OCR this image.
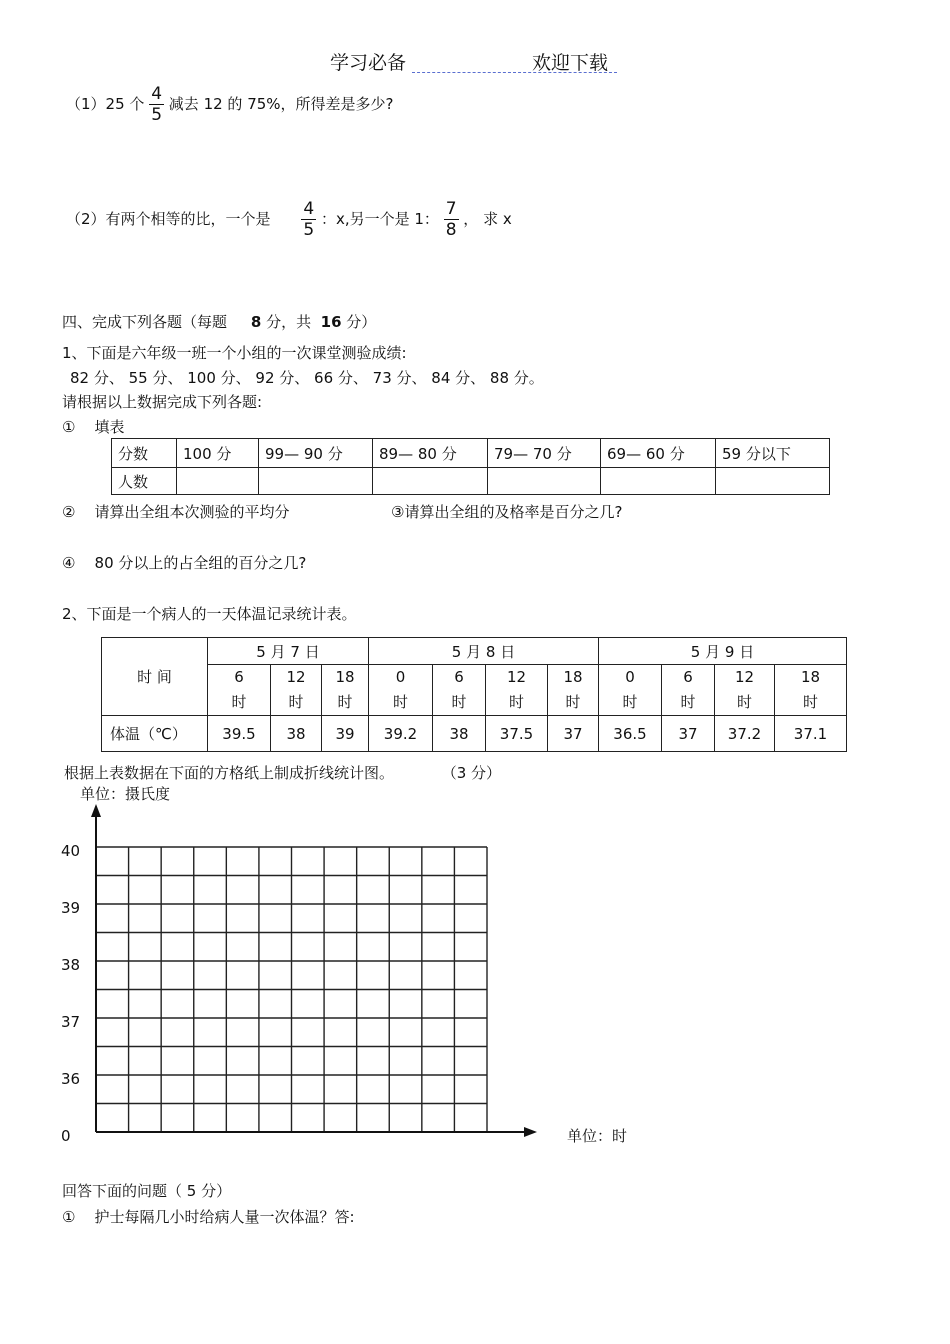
学习必备	欢迎下载
（1）25 个 $\frac{4}{5}$ 减去 12 的 75%，所得差是多少?
（2）有两个相等的比，一个是 $\frac{4}{5}$ ：x,另一个是 1： $\frac{7}{8}$ ， 求 x
四、完成下列各题（每题 8 分，共 16 分）
1、下面是六年级一班一个小组的一次课堂测验成绩:
82 分、 55 分、 100 分、 92 分、 66 分、 73 分、 84 分、 88 分。
请根据以上数据完成下列各题:
① 填表
分数	100 分	99— 90 分	89— 80 分	79— 70 分	69— 60 分	59 分以下
人数						
② 请算出全组本次测验的平均分	③请算出全组的及格率是百分之几?
④ 80 分以上的占全组的百分之几?
2、下面是一个病人的一天体温记录统计表。
时 间	5 月 7 日			5 月 8 日				5 月 9 日			
	6
时	12
时	18
时	0
时	6
时	12
时	18
时	0
时	6
时	12
时	18
时
体温（℃）	39.5	38	39	39.2	38	37.5	37	36.5	37	37.2	37.1
根据上表数据在下面的方格纸上制成折线统计图。	（3 分）
单位：摄氏度
40
39
38
37
36
0	单位：时
回答下面的问题（ 5 分）
① 护士每隔几小时给病人量一次体温？答:
